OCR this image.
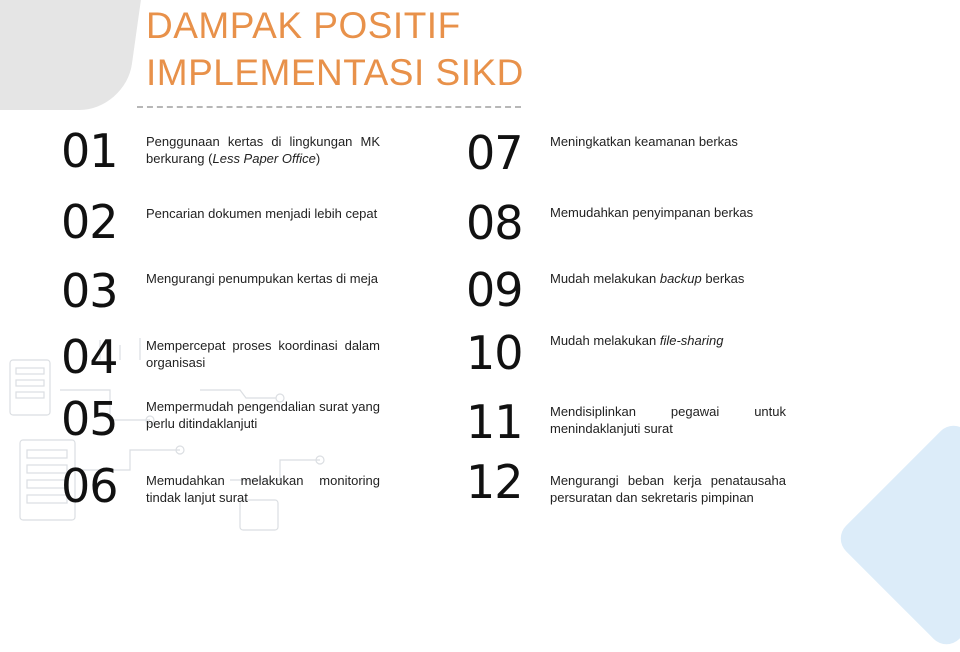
DAMPAK POSITIF
IMPLEMENTASI SIKD
01
02
03
04
05
06
Penggunaan kertas di lingkungan MK berkurang (Less Paper Office)
Pencarian dokumen menjadi lebih cepat
Mengurangi penumpukan kertas di meja
Mempercepat proses koordinasi dalam organisasi
Mempermudah pengendalian surat yang perlu ditindaklanjuti
Memudahkan melakukan monitoring tindak lanjut surat
07
08
09
10
11
12
Meningkatkan keamanan berkas
Memudahkan penyimpanan berkas
Mudah melakukan backup berkas
Mudah melakukan file-sharing
Mendisiplinkan pegawai untuk menindaklanjuti surat
Mengurangi beban kerja penatausaha persuratan dan sekretaris pimpinan
